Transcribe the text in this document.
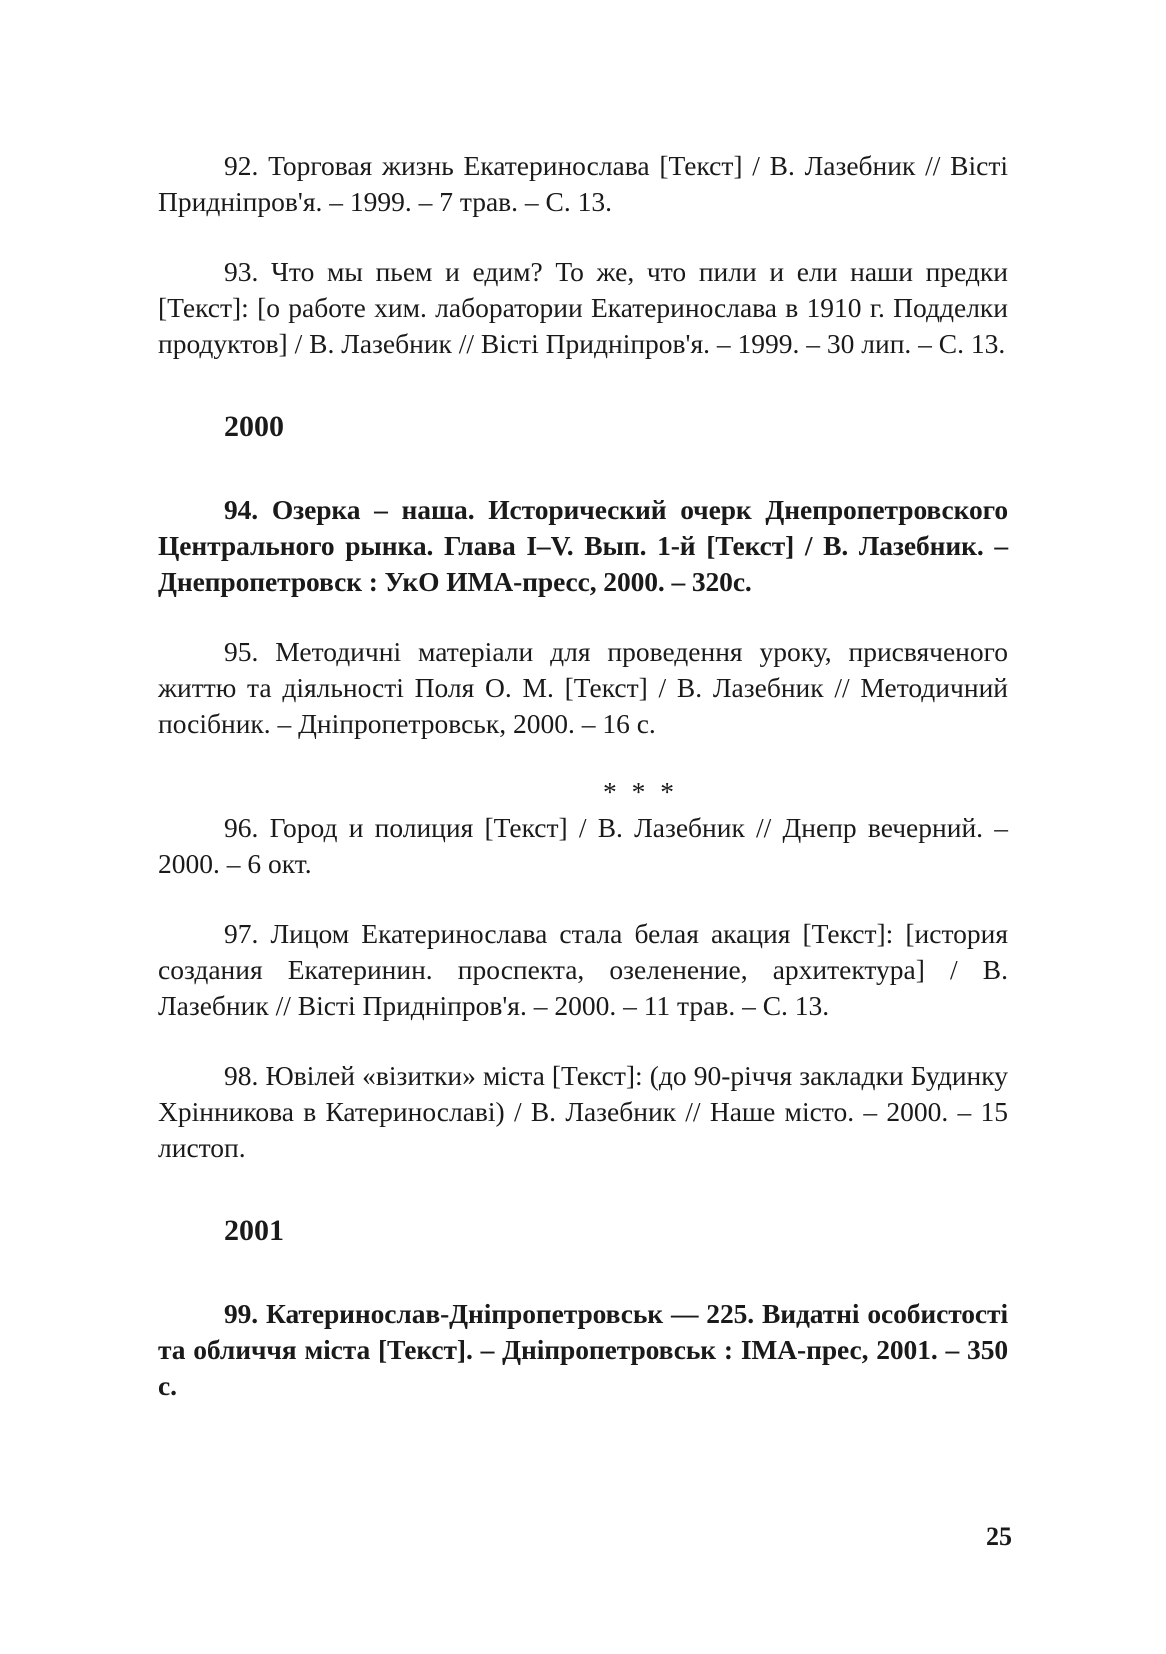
92. Торговая жизнь Екатеринослава [Текст] / В. Лазебник // Вісті Придніпров'я. – 1999. – 7 трав. – С. 13.

93. Что мы пьем и едим? То же, что пили и ели наши предки [Текст]: [о работе хим. лаборатории Екатеринослава в 1910 г. Подделки продуктов] / В. Лазебник // Вісті Придніпров'я. – 1999. – 30 лип. – С. 13.

2000

94. Озерка – наша. Исторический очерк Днепропетровского Центрального рынка. Глава I–V. Вып. 1-й [Текст] / В. Лазебник. – Днепропетровск : УкО ИМА-пресс, 2000. – 320с.

95. Методичні матеріали для проведення уроку, присвяченого життю та діяльності Поля О. М. [Текст] / В. Лазебник // Методичний посібник. – Дніпропетровськ, 2000. – 16 с.

* * *

96. Город и полиция [Текст] / В. Лазебник // Днепр вечерний. – 2000. – 6 окт.

97. Лицом Екатеринослава стала белая акация [Текст]: [история создания Екатеринин. проспекта, озеленение, архитектура] / В. Лазебник // Вісті Придніпров'я. – 2000. – 11 трав. – С. 13.

98. Ювілей «візитки» міста [Текст]: (до 90-річчя закладки Будинку Хрінникова в Катеринославі) / В. Лазебник // Наше місто. – 2000. – 15 листоп.

2001

99. Катеринослав-Дніпропетровськ — 225. Видатні особистості та обличчя міста [Текст]. – Дніпропетровськ : ІМА-прес, 2001. – 350 с.

25
